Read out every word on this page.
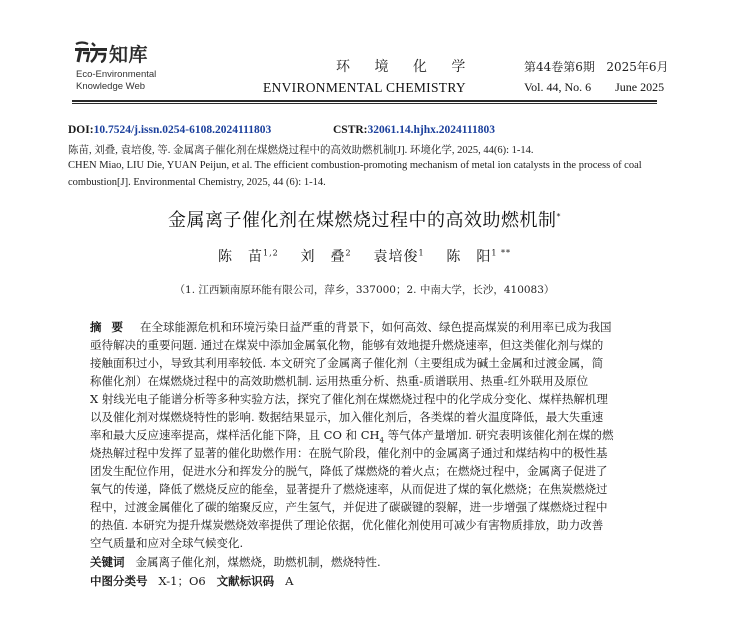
知库
Eco-Environmental
Knowledge Web
环 境 化 学
ENVIRONMENTAL CHEMISTRY
第44卷第6期   2025年6月
Vol. 44, No. 6        June 2025
DOI:10.7524/j.issn.0254-6108.2024111803	CSTR:32061.14.hjhx.2024111803
陈苗, 刘叠, 袁培俊, 等. 金属离子催化剂在煤燃烧过程中的高效助燃机制[J]. 环境化学, 2025, 44(6): 1-14.
CHEN Miao, LIU Die, YUAN Peijun, et al. The efficient combustion-promoting mechanism of metal ion catalysts in the process of coal
combustion[J]. Environmental Chemistry, 2025, 44 (6): 1-14.
金属离子催化剂在煤燃烧过程中的高效助燃机制*
陈　苗$^{1,2}$ 刘　叠$^2$ 袁培俊$^1$ 陈　阳$^{1 **}$
（1. 江西颖南原环能有限公司，萍乡，337000；2. 中南大学，长沙，410083）
摘 要 在全球能源危机和环境污染日益严重的背景下，如何高效、绿色提高煤炭的利用率已成为我国
亟待解决的重要问题. 通过在煤炭中添加金属氧化物，能够有效地提升燃烧速率，但这类催化剂与煤的
接触面积过小，导致其利用率较低. 本文研究了金属离子催化剂（主要组成为碱土金属和过渡金属，简
称催化剂）在煤燃烧过程中的高效助燃机制. 运用热重分析、热重-质谱联用、热重-红外联用及原位
X 射线光电子能谱分析等多种实验方法，探究了催化剂在煤燃烧过程中的化学成分变化、煤样热解机理
以及催化剂对煤燃烧特性的影响. 数据结果显示，加入催化剂后，各类煤的着火温度降低，最大失重速
率和最大反应速率提高，煤样活化能下降，且 CO 和 $CH_4$ 等气体产量增加. 研究表明该催化剂在煤的燃
烧热解过程中发挥了显著的催化助燃作用：在脱气阶段，催化剂中的金属离子通过和煤结构中的极性基
团发生配位作用，促进水分和挥发分的脱气，降低了煤燃烧的着火点；在燃烧过程中，金属离子促进了
氧气的传递，降低了燃烧反应的能垒，显著提升了燃烧速率，从而促进了煤的氧化燃烧；在焦炭燃烧过
程中，过渡金属催化了碳的缩聚反应，产生氢气，并促进了碳碳键的裂解，进一步增强了煤燃烧过程中
的热值. 本研究为提升煤炭燃烧效率提供了理论依据，优化催化剂使用可减少有害物质排放，助力改善
空气质量和应对全球气候变化.
关键词 金属离子催化剂，煤燃烧，助燃机制，燃烧特性.
中图分类号 X-1；O6 文献标识码 A
